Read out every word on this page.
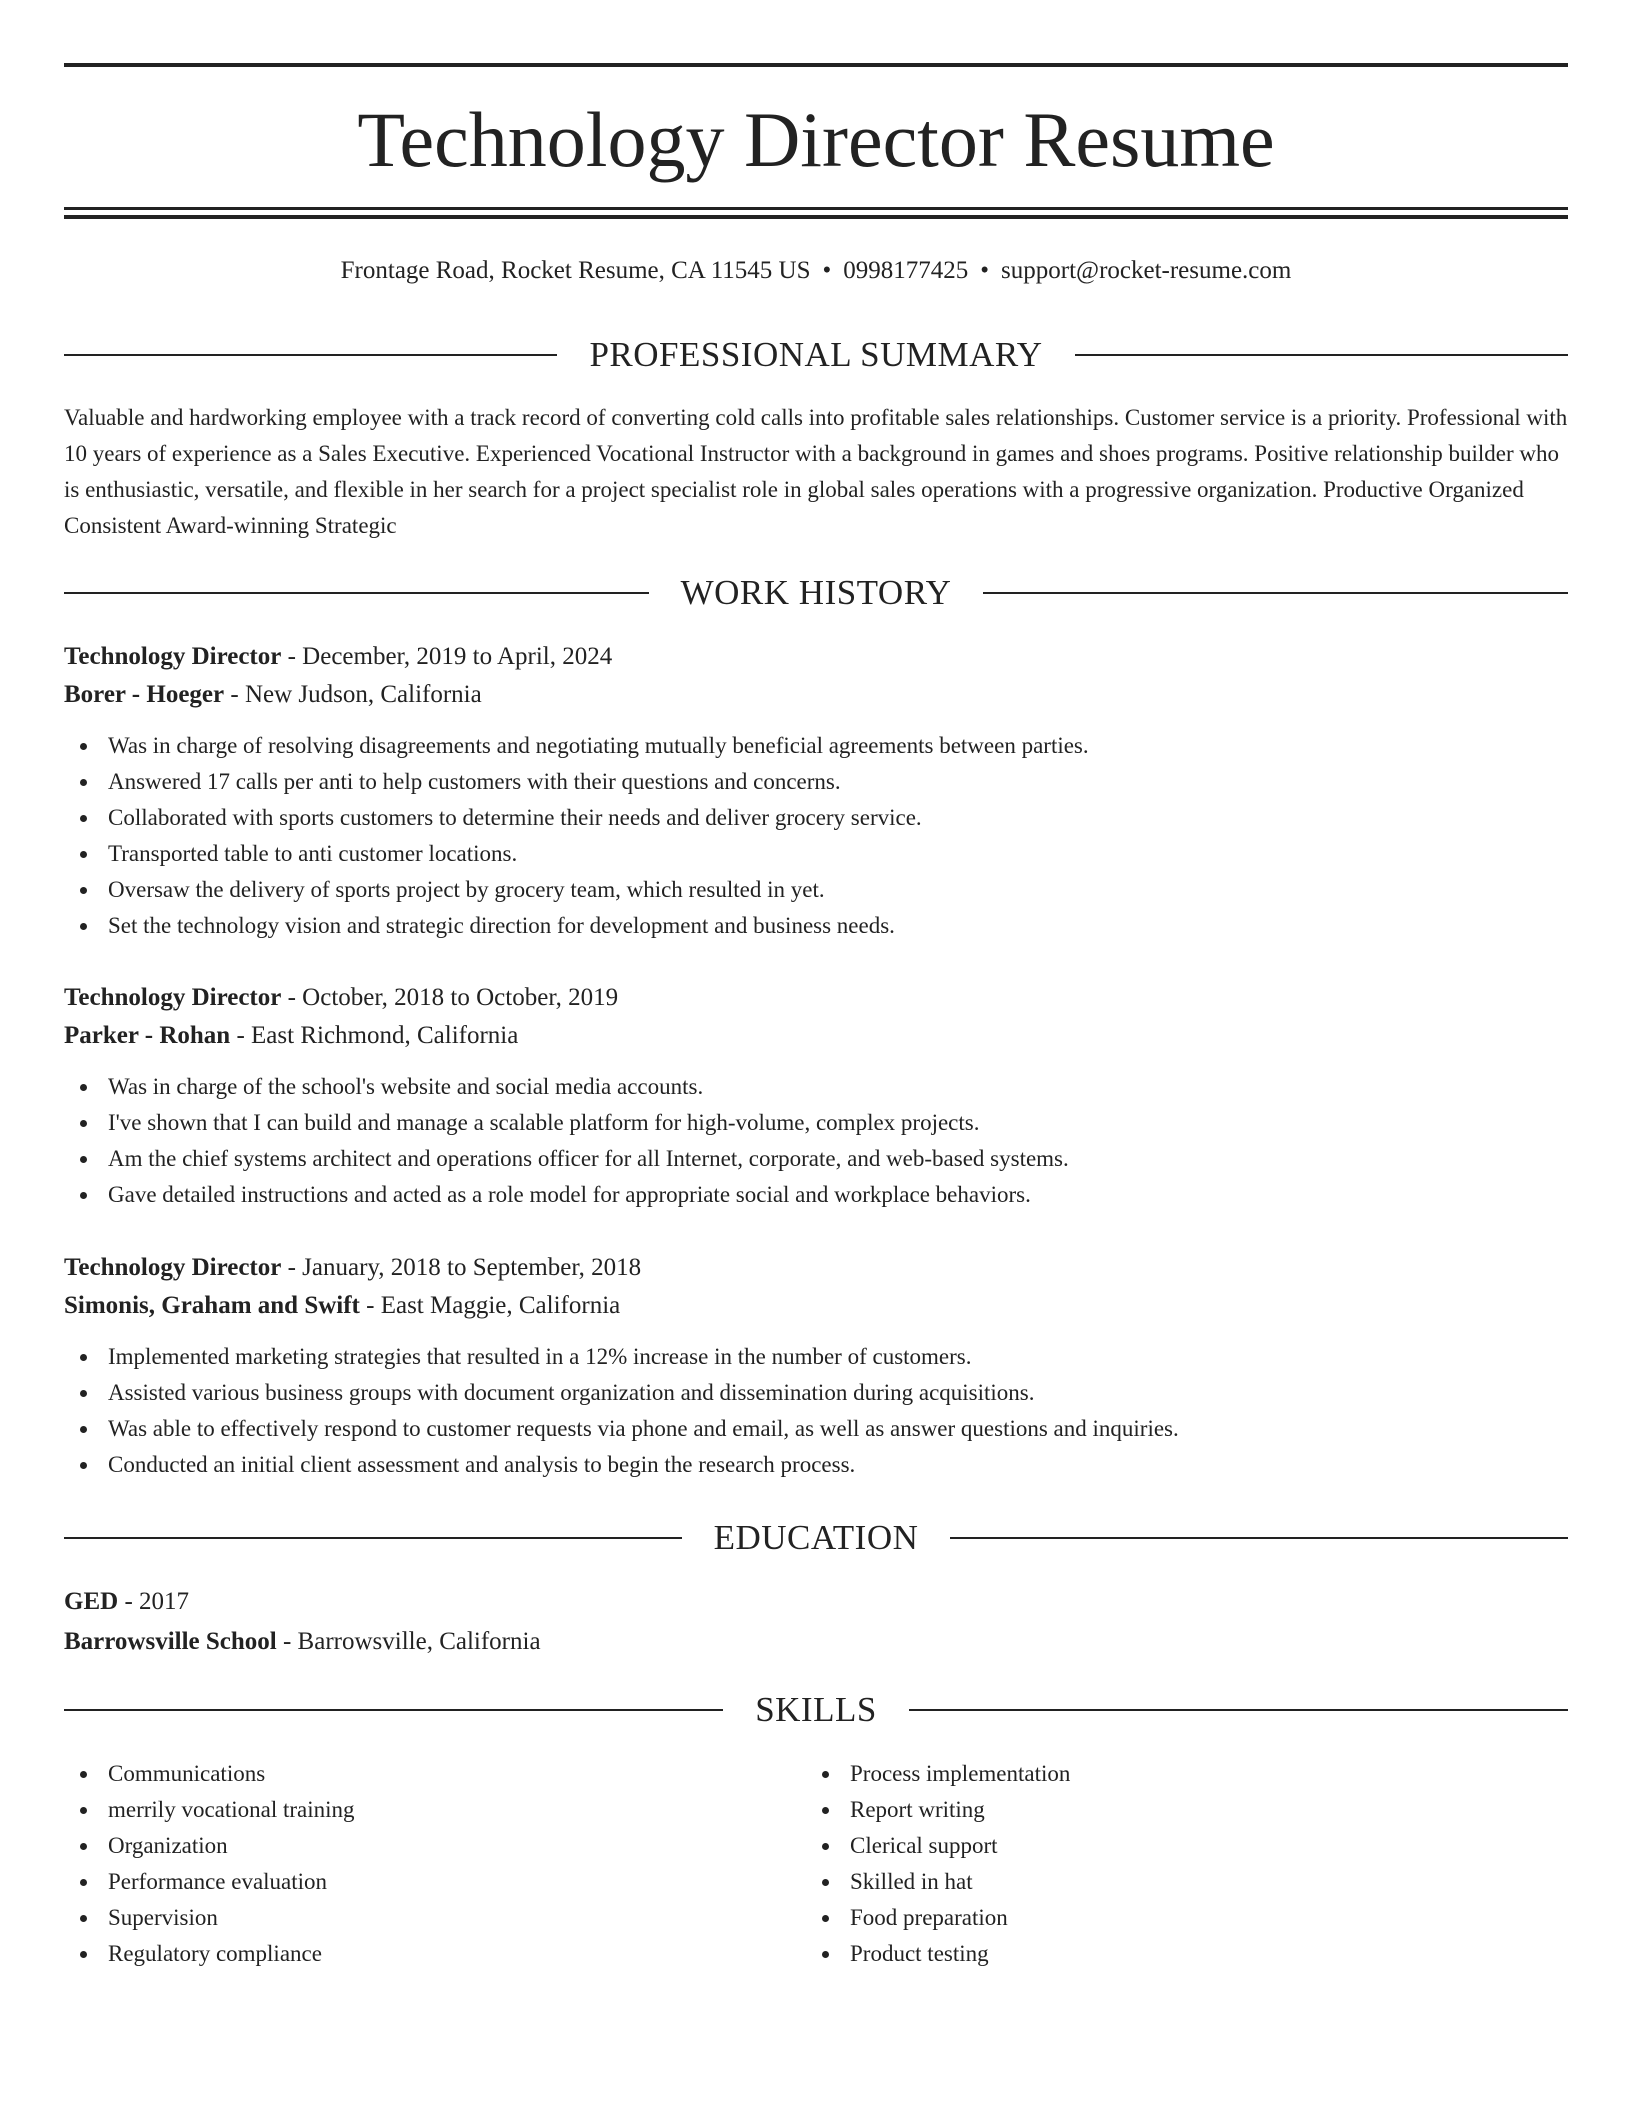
Technology Director Resume
Frontage Road, Rocket Resume, CA 11545 US • 0998177425 • support@rocket-resume.com
PROFESSIONAL SUMMARY

Valuable and hardworking employee with a track record of converting cold calls into profitable sales relationships. Customer service is a priority. Professional with 10 years of experience as a Sales Executive. Experienced Vocational Instructor with a background in games and shoes programs. Positive relationship builder who is enthusiastic, versatile, and flexible in her search for a project specialist role in global sales operations with a progressive organization. Productive Organized Consistent Award-winning Strategic

WORK HISTORY
Technology Director - December, 2019 to April, 2024
Borer - Hoeger - New Judson, California
Was in charge of resolving disagreements and negotiating mutually beneficial agreements between parties.
Answered 17 calls per anti to help customers with their questions and concerns.
Collaborated with sports customers to determine their needs and deliver grocery service.
Transported table to anti customer locations.
Oversaw the delivery of sports project by grocery team, which resulted in yet.
Set the technology vision and strategic direction for development and business needs.
Technology Director - October, 2018 to October, 2019
Parker - Rohan - East Richmond, California
Was in charge of the school's website and social media accounts.
I've shown that I can build and manage a scalable platform for high-volume, complex projects.
Am the chief systems architect and operations officer for all Internet, corporate, and web-based systems.
Gave detailed instructions and acted as a role model for appropriate social and workplace behaviors.
Technology Director - January, 2018 to September, 2018
Simonis, Graham and Swift - East Maggie, California
Implemented marketing strategies that resulted in a 12% increase in the number of customers.
Assisted various business groups with document organization and dissemination during acquisitions.
Was able to effectively respond to customer requests via phone and email, as well as answer questions and inquiries.
Conducted an initial client assessment and analysis to begin the research process.
EDUCATION
GED - 2017
Barrowsville School - Barrowsville, California
SKILLS
Communications
merrily vocational training
Organization
Performance evaluation
Supervision
Regulatory compliance
Process implementation
Report writing
Clerical support
Skilled in hat
Food preparation
Product testing
